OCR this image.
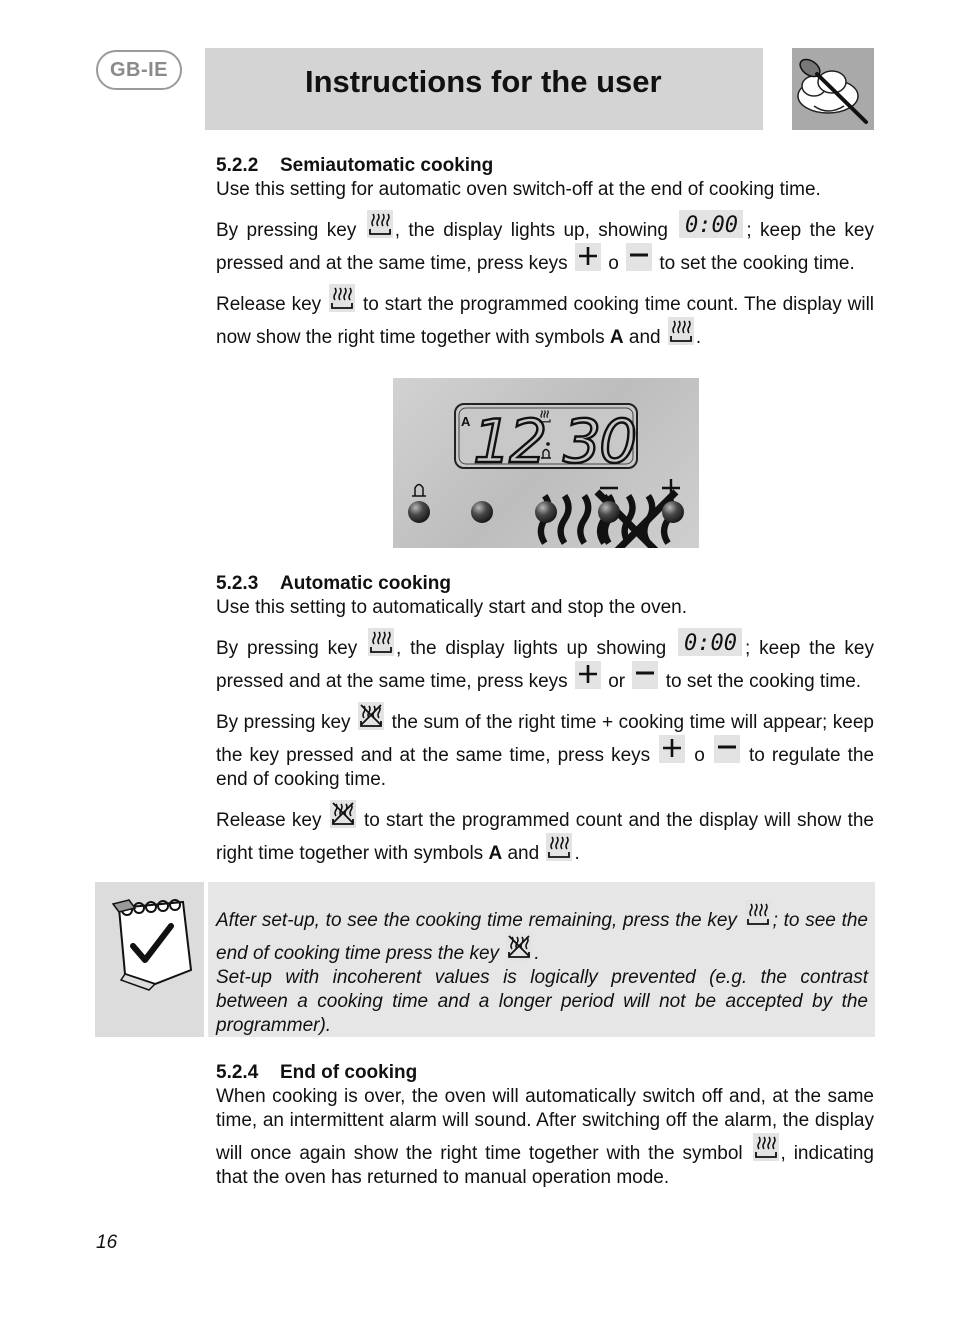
GB-IE	Instructions for the user
5.2.2 Semiautomatic cooking

Use this setting for automatic oven switch-off at the end of cooking time.

By pressing key , the display lights up, showing 0:00 ; keep the key pressed and at the same time, press keys o to set the cooking time.

Release key to start the programmed cooking time count. The display will now show the right time together with symbols A and .

A 12 30
5.2.3 Automatic cooking

Use this setting to automatically start and stop the oven.

By pressing key , the display lights up showing 0:00 ; keep the key pressed and at the same time, press keys or to set the cooking time.

By pressing key the sum of the right time + cooking time will appear; keep the key pressed and at the same time, press keys o to regulate the end of cooking time.

Release key to start the programmed count and the display will show the right time together with symbols A and .

After set-up, to see the cooking time remaining, press the key ; to see the end of cooking time press the key .

Set-up with incoherent values is logically prevented (e.g. the contrast between a cooking time and a longer period will not be accepted by the programmer).

5.2.4 End of cooking

When cooking is over, the oven will automatically switch off and, at the same time, an intermittent alarm will sound. After switching off the alarm, the display will once again show the right time together with the symbol , indicating that the oven has returned to manual operation mode.

16
